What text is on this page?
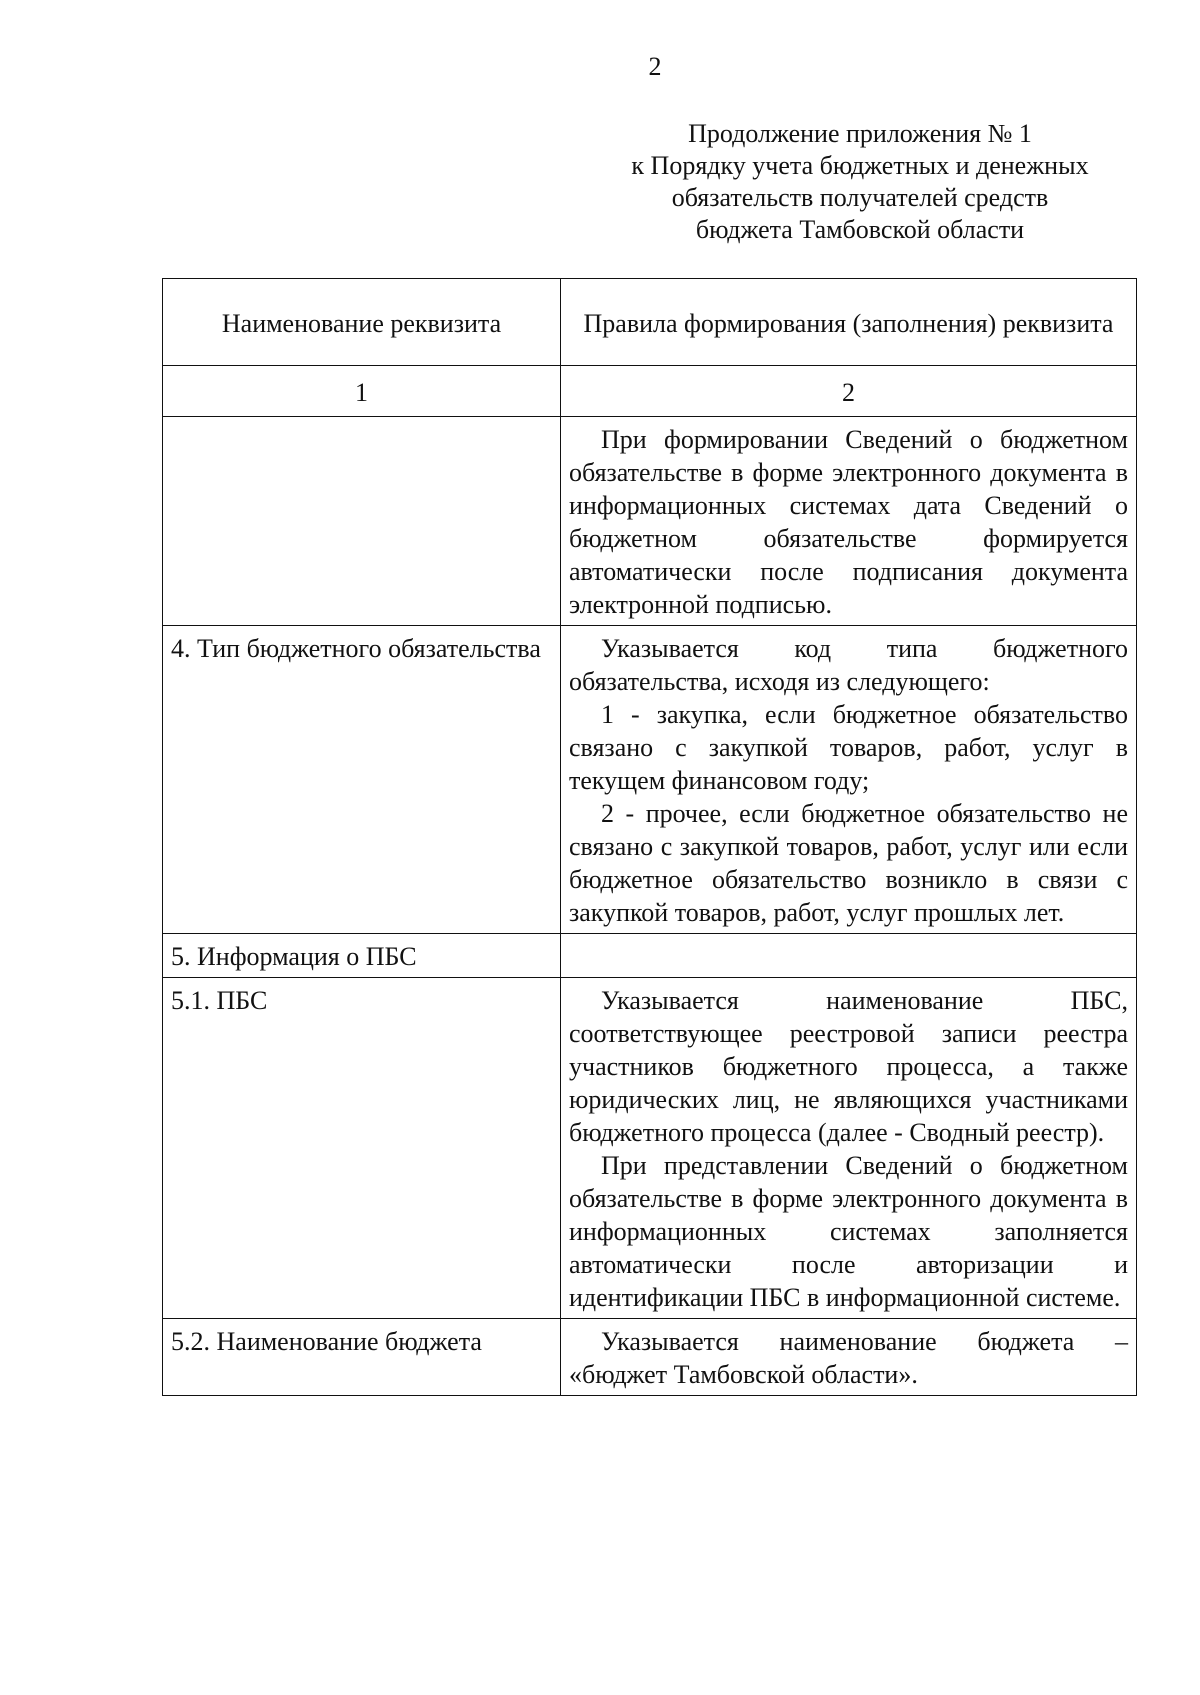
2
Продолжение приложения № 1
к Порядку учета бюджетных и денежных
обязательств получателей средств
бюджета Тамбовской области
Наименование реквизита	Правила формирования (заполнения) реквизита
1	2

	При формировании Сведений о бюджетном обязательстве в форме электронного документа в информационных системах дата Сведений о бюджетном обязательстве формируется автоматически после подписания документа электронной подписью.

4. Тип бюджетного обязательства	Указывается код типа бюджетного обязательства, исходя из следующего:

1 - закупка, если бюджетное обязательство связано с закупкой товаров, работ, услуг в текущем финансовом году;

2 - прочее, если бюджетное обязательство не связано с закупкой товаров, работ, услуг или если бюджетное обязательство возникло в связи с закупкой товаров, работ, услуг прошлых лет.

5. Информация о ПБС	

5.1. ПБС	Указывается наименование ПБС, соответствующее реестровой записи реестра участников бюджетного процесса, а также юридических лиц, не являющихся участниками бюджетного процесса (далее - Сводный реестр).

При представлении Сведений о бюджетном обязательстве в форме электронного документа в информационных системах заполняется автоматически после авторизации и идентификации ПБС в информационной системе.

5.2. Наименование бюджета	Указывается наименование бюджета – «бюджет Тамбовской области».
